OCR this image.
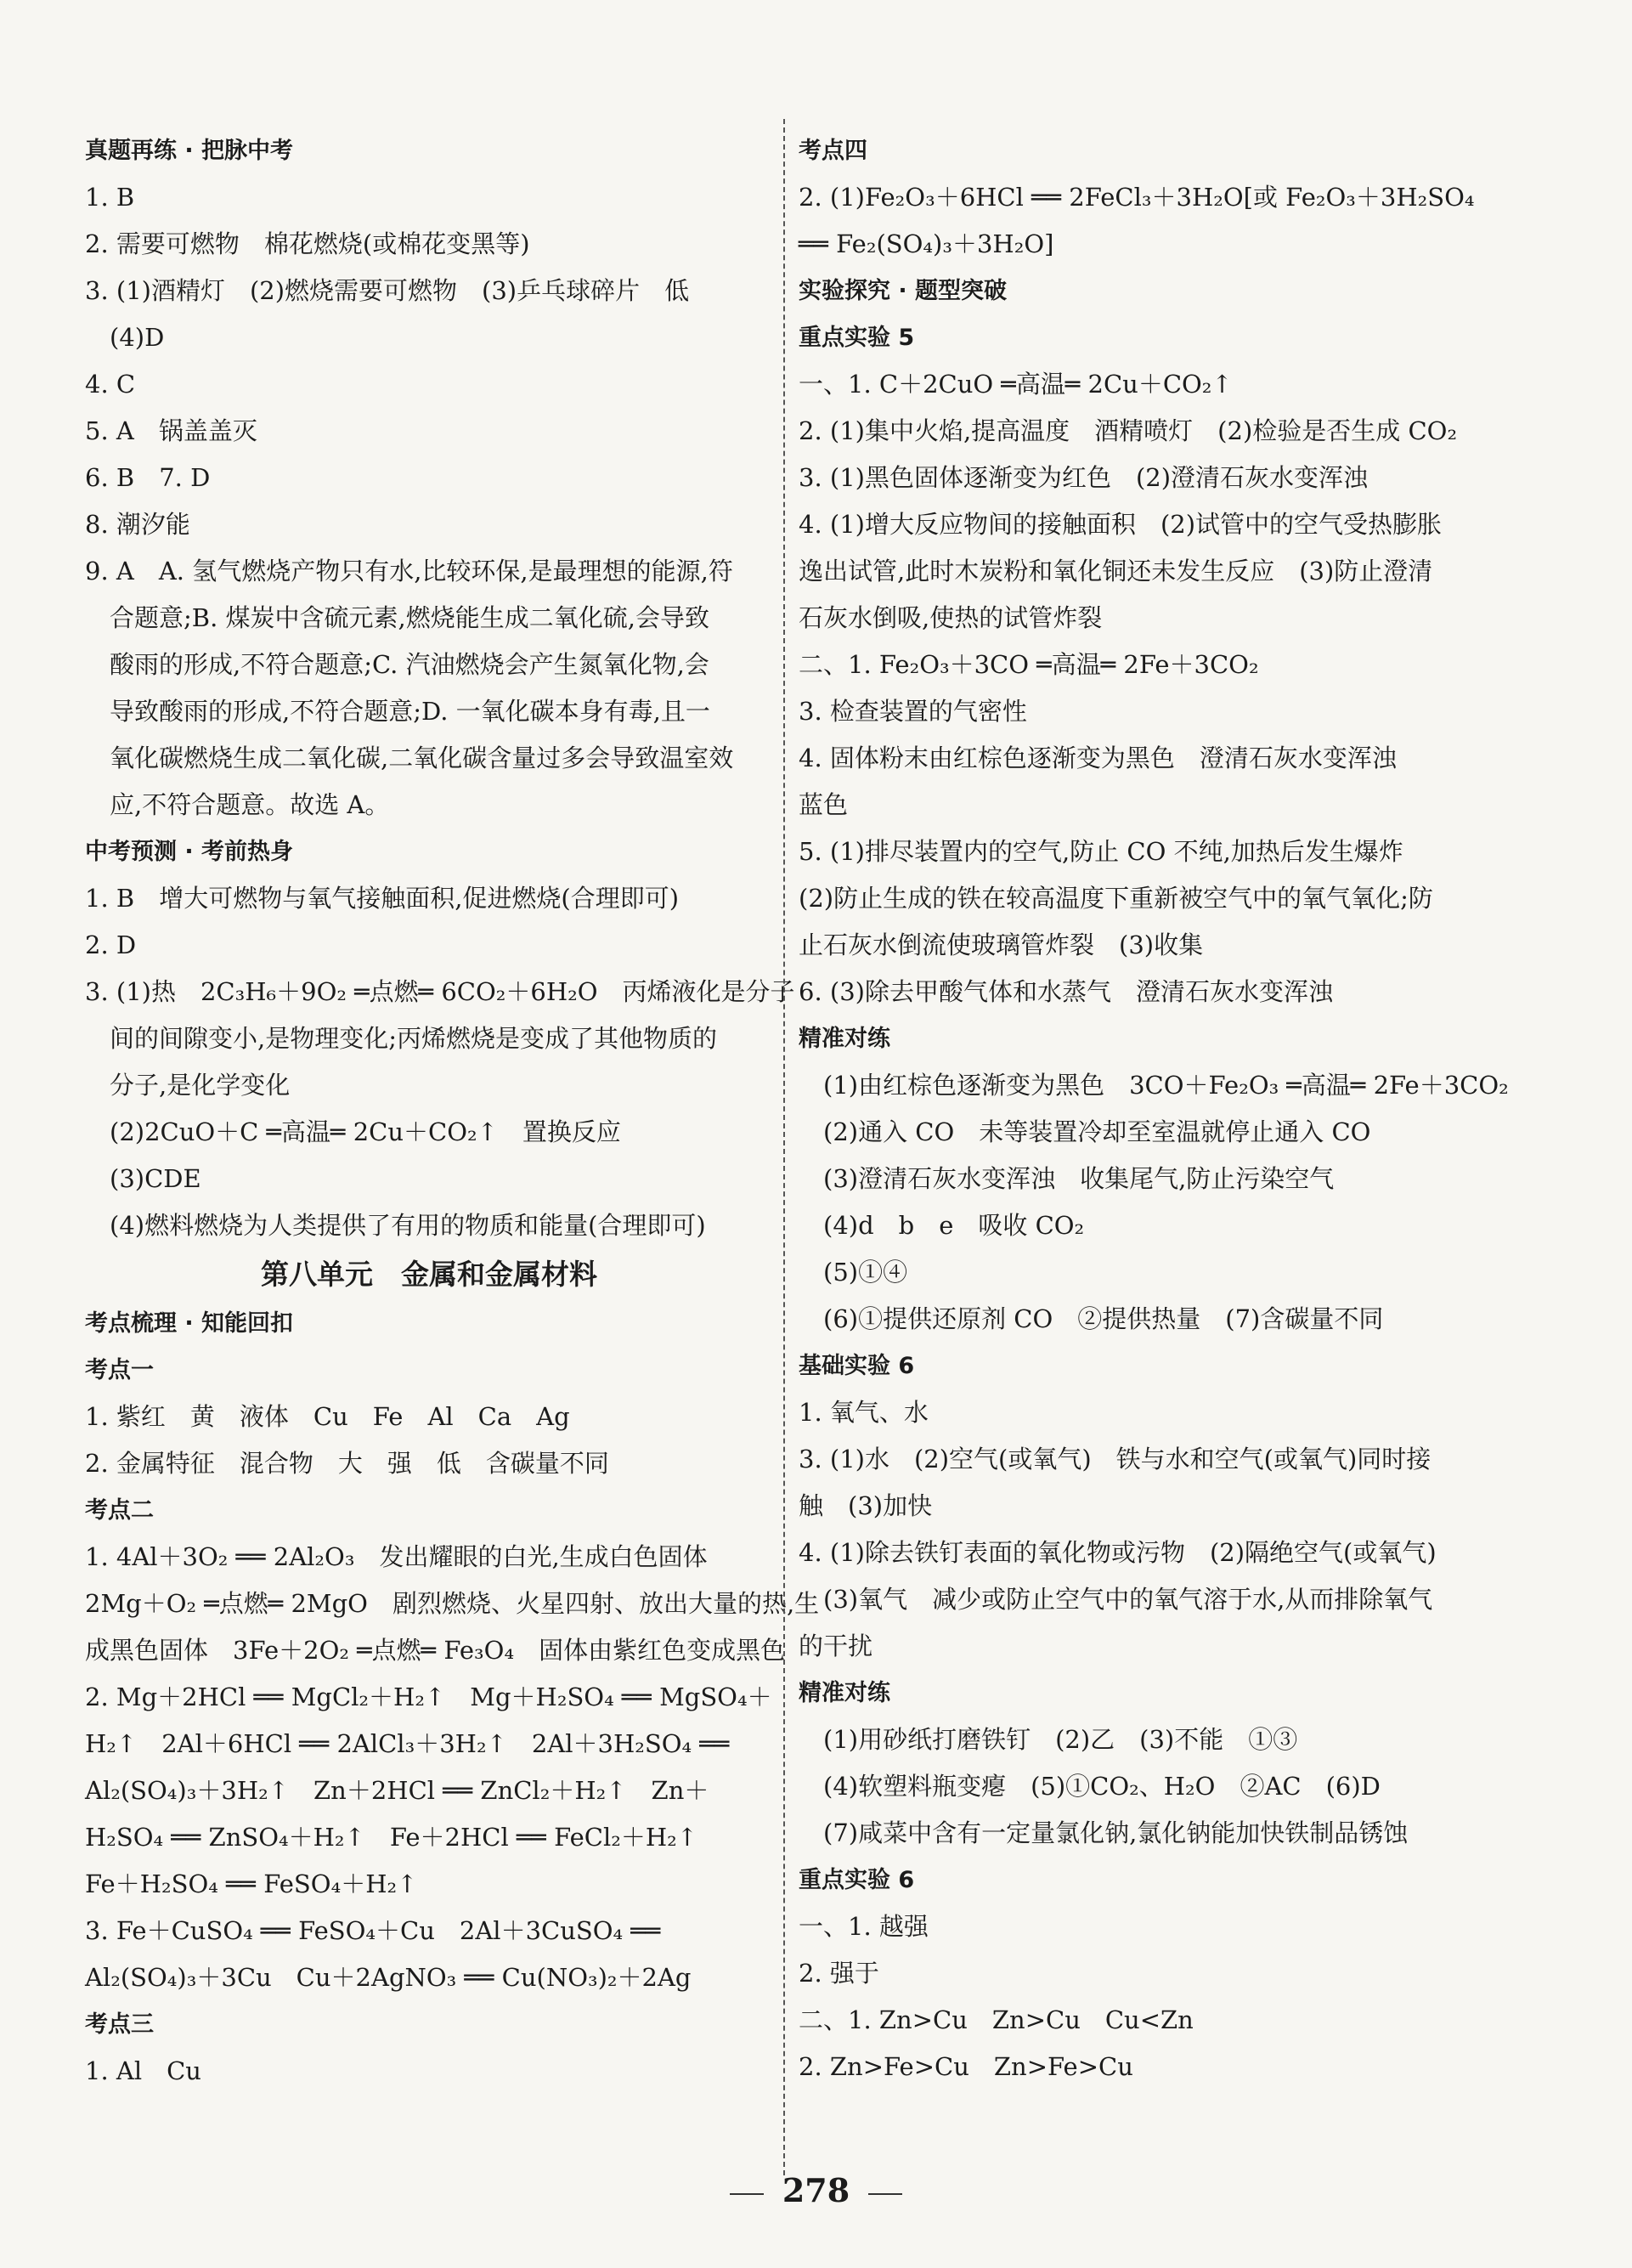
真题再练 · 把脉中考
1. B
2. 需要可燃物　棉花燃烧(或棉花变黑等)
3. (1)酒精灯　(2)燃烧需要可燃物　(3)乒乓球碎片　低
　(4)D
4. C
5. A　锅盖盖灭
6. B　7. D
8. 潮汐能
9. A　A. 氢气燃烧产物只有水,比较环保,是最理想的能源,符
　合题意;B. 煤炭中含硫元素,燃烧能生成二氧化硫,会导致
　酸雨的形成,不符合题意;C. 汽油燃烧会产生氮氧化物,会
　导致酸雨的形成,不符合题意;D. 一氧化碳本身有毒,且一
　氧化碳燃烧生成二氧化碳,二氧化碳含量过多会导致温室效
　应,不符合题意。故选 A。
中考预测 · 考前热身
1. B　增大可燃物与氧气接触面积,促进燃烧(合理即可)
2. D
3. (1)热　2C₃H₆＋9O₂ ═点燃═ 6CO₂＋6H₂O　丙烯液化是分子
　间的间隙变小,是物理变化;丙烯燃烧是变成了其他物质的
　分子,是化学变化
　(2)2CuO＋C ═高温═ 2Cu＋CO₂↑　置换反应
　(3)CDE
　(4)燃料燃烧为人类提供了有用的物质和能量(合理即可)
第八单元　金属和金属材料
考点梳理 · 知能回扣
考点一
1. 紫红　黄　液体　Cu　Fe　Al　Ca　Ag
2. 金属特征　混合物　大　强　低　含碳量不同
考点二
1. 4Al＋3O₂ ══ 2Al₂O₃　发出耀眼的白光,生成白色固体
2Mg＋O₂ ═点燃═ 2MgO　剧烈燃烧、火星四射、放出大量的热,生
成黑色固体　3Fe＋2O₂ ═点燃═ Fe₃O₄　固体由紫红色变成黑色
2. Mg＋2HCl ══ MgCl₂＋H₂↑　Mg＋H₂SO₄ ══ MgSO₄＋
H₂↑　2Al＋6HCl ══ 2AlCl₃＋3H₂↑　2Al＋3H₂SO₄ ══
Al₂(SO₄)₃＋3H₂↑　Zn＋2HCl ══ ZnCl₂＋H₂↑　Zn＋
H₂SO₄ ══ ZnSO₄＋H₂↑　Fe＋2HCl ══ FeCl₂＋H₂↑
Fe＋H₂SO₄ ══ FeSO₄＋H₂↑
3. Fe＋CuSO₄ ══ FeSO₄＋Cu　2Al＋3CuSO₄ ══
Al₂(SO₄)₃＋3Cu　Cu＋2AgNO₃ ══ Cu(NO₃)₂＋2Ag
考点三
1. Al　Cu
考点四
2. (1)Fe₂O₃＋6HCl ══ 2FeCl₃＋3H₂O[或 Fe₂O₃＋3H₂SO₄
══ Fe₂(SO₄)₃＋3H₂O]
实验探究 · 题型突破
重点实验 5
一、1. C＋2CuO ═高温═ 2Cu＋CO₂↑
2. (1)集中火焰,提高温度　酒精喷灯　(2)检验是否生成 CO₂
3. (1)黑色固体逐渐变为红色　(2)澄清石灰水变浑浊
4. (1)增大反应物间的接触面积　(2)试管中的空气受热膨胀
逸出试管,此时木炭粉和氧化铜还未发生反应　(3)防止澄清
石灰水倒吸,使热的试管炸裂
二、1. Fe₂O₃＋3CO ═高温═ 2Fe＋3CO₂
3. 检查装置的气密性
4. 固体粉末由红棕色逐渐变为黑色　澄清石灰水变浑浊
蓝色
5. (1)排尽装置内的空气,防止 CO 不纯,加热后发生爆炸
(2)防止生成的铁在较高温度下重新被空气中的氧气氧化;防
止石灰水倒流使玻璃管炸裂　(3)收集
6. (3)除去甲酸气体和水蒸气　澄清石灰水变浑浊
精准对练
　(1)由红棕色逐渐变为黑色　3CO＋Fe₂O₃ ═高温═ 2Fe＋3CO₂
　(2)通入 CO　未等装置冷却至室温就停止通入 CO
　(3)澄清石灰水变浑浊　收集尾气,防止污染空气
　(4)d　b　e　吸收 CO₂
　(5)①④
　(6)①提供还原剂 CO　②提供热量　(7)含碳量不同
基础实验 6
1. 氧气、水
3. (1)水　(2)空气(或氧气)　铁与水和空气(或氧气)同时接
触　(3)加快
4. (1)除去铁钉表面的氧化物或污物　(2)隔绝空气(或氧气)
　(3)氧气　减少或防止空气中的氧气溶于水,从而排除氧气
的干扰
精准对练
　(1)用砂纸打磨铁钉　(2)乙　(3)不能　①③
　(4)软塑料瓶变瘪　(5)①CO₂、H₂O　②AC　(6)D
　(7)咸菜中含有一定量氯化钠,氯化钠能加快铁制品锈蚀
重点实验 6
一、1. 越强
2. 强于
二、1. Zn>Cu　Zn>Cu　Cu<Zn
2. Zn>Fe>Cu　Zn>Fe>Cu
278
